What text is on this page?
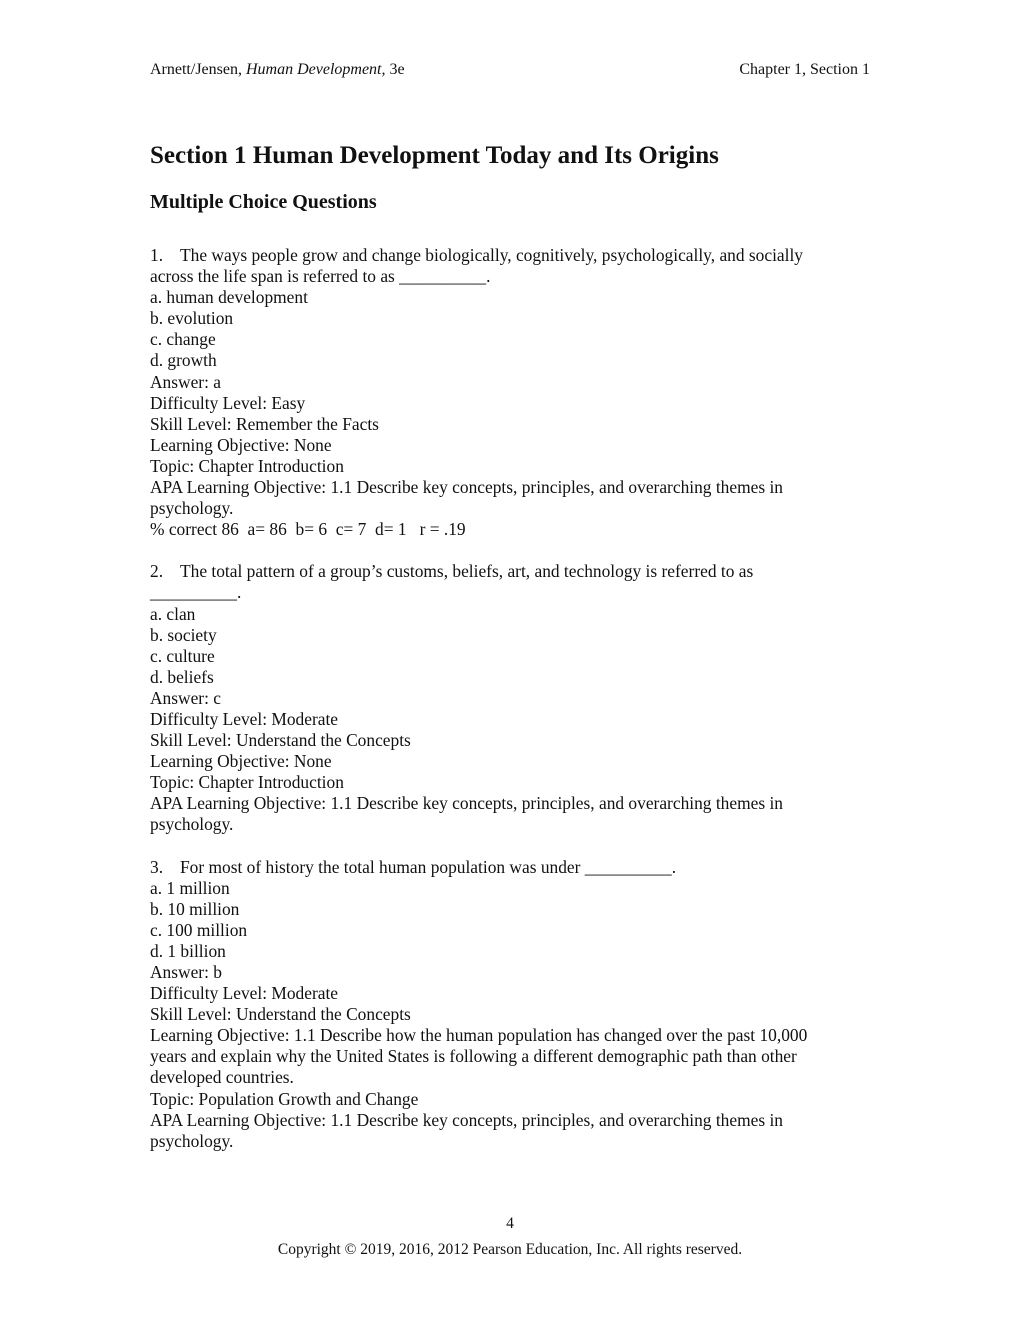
Arnett/Jensen, Human Development, 3e	Chapter 1, Section 1
Section 1 Human Development Today and Its Origins
Multiple Choice Questions
1. The ways people grow and change biologically, cognitively, psychologically, and socially
across the life span is referred to as __________.
a. human development
b. evolution
c. change
d. growth
Answer: a
Difficulty Level: Easy
Skill Level: Remember the Facts
Learning Objective: None
Topic: Chapter Introduction
APA Learning Objective: 1.1 Describe key concepts, principles, and overarching themes in
psychology.
% correct 86  a= 86  b= 6  c= 7  d= 1   r = .19
2. The total pattern of a group’s customs, beliefs, art, and technology is referred to as
__________.
a. clan
b. society
c. culture
d. beliefs
Answer: c
Difficulty Level: Moderate
Skill Level: Understand the Concepts
Learning Objective: None
Topic: Chapter Introduction
APA Learning Objective: 1.1 Describe key concepts, principles, and overarching themes in
psychology.
3. For most of history the total human population was under __________.
a. 1 million
b. 10 million
c. 100 million
d. 1 billion
Answer: b
Difficulty Level: Moderate
Skill Level: Understand the Concepts
Learning Objective: 1.1 Describe how the human population has changed over the past 10,000
years and explain why the United States is following a different demographic path than other
developed countries.
Topic: Population Growth and Change
APA Learning Objective: 1.1 Describe key concepts, principles, and overarching themes in
psychology.
4
Copyright © 2019, 2016, 2012 Pearson Education, Inc. All rights reserved.
